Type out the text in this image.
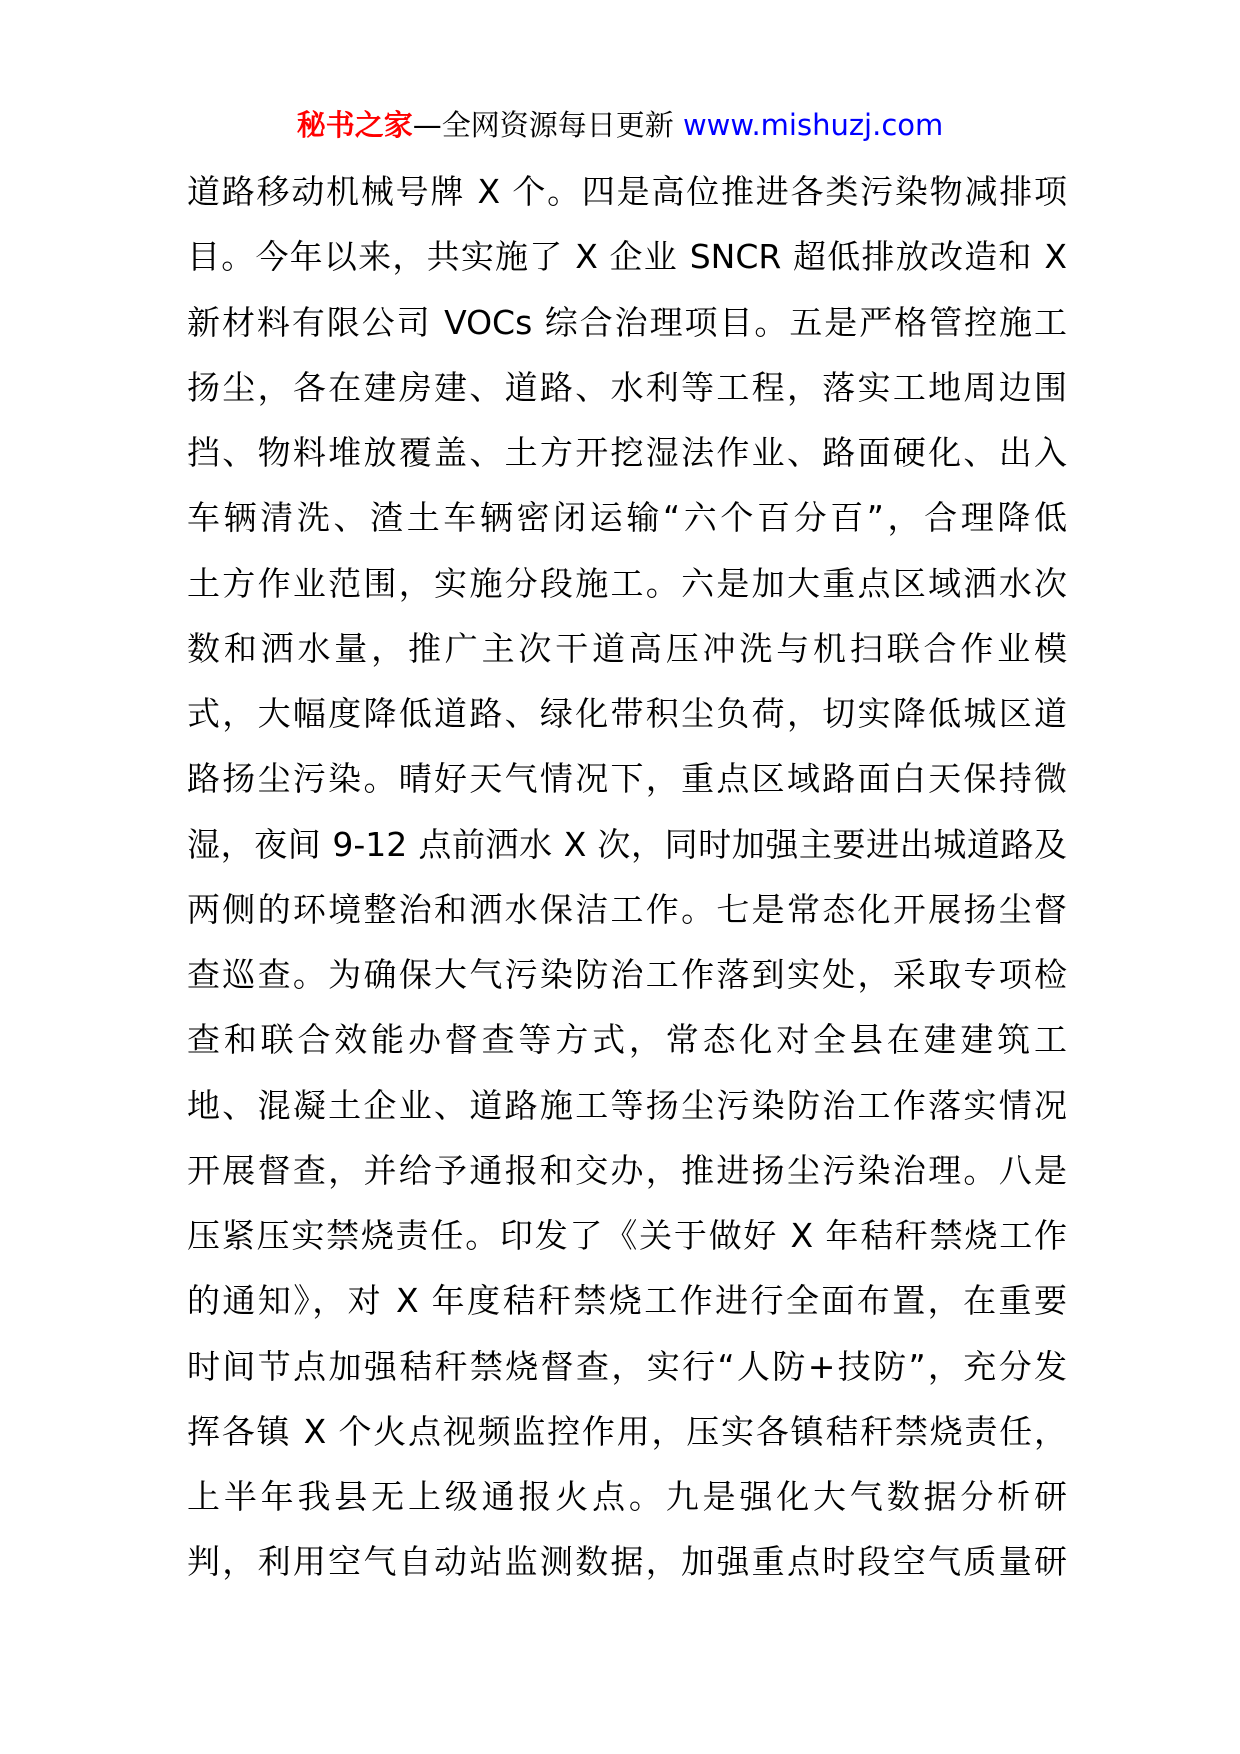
秘书之家—全网资源每日更新 www.mishuzj.com
道路移动机械号牌 X 个。四是高位推进各类污染物减排项
目。今年以来，共实施了 X 企业 SNCR 超低排放改造和 X
新材料有限公司 VOCs 综合治理项目。五是严格管控施工
扬尘，各在建房建、道路、水利等工程，落实工地周边围
挡、物料堆放覆盖、土方开挖湿法作业、路面硬化、出入
车辆清洗、渣土车辆密闭运输“六个百分百”，合理降低
土方作业范围，实施分段施工。六是加大重点区域洒水次
数和洒水量，推广主次干道高压冲洗与机扫联合作业模
式，大幅度降低道路、绿化带积尘负荷，切实降低城区道
路扬尘污染。晴好天气情况下，重点区域路面白天保持微
湿，夜间 9-12 点前洒水 X 次，同时加强主要进出城道路及
两侧的环境整治和洒水保洁工作。七是常态化开展扬尘督
查巡查。为确保大气污染防治工作落到实处，采取专项检
查和联合效能办督查等方式，常态化对全县在建建筑工
地、混凝土企业、道路施工等扬尘污染防治工作落实情况
开展督查，并给予通报和交办，推进扬尘污染治理。八是
压紧压实禁烧责任。印发了《关于做好 X 年秸秆禁烧工作
的通知》，对 X 年度秸秆禁烧工作进行全面布置，在重要
时间节点加强秸秆禁烧督查，实行“人防+技防”，充分发
挥各镇 X 个火点视频监控作用，压实各镇秸秆禁烧责任，
上半年我县无上级通报火点。九是强化大气数据分析研
判，利用空气自动站监测数据，加强重点时段空气质量研
